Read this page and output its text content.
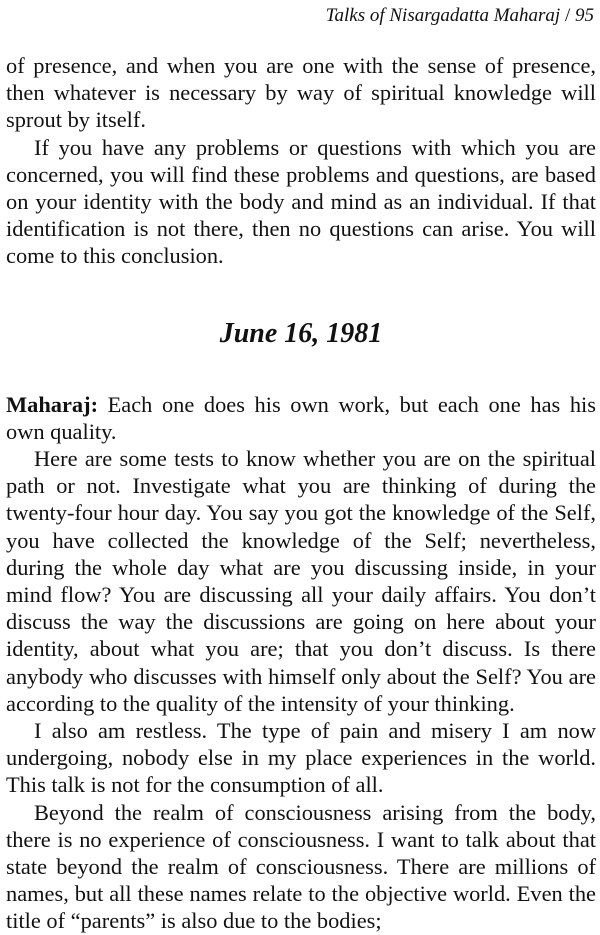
Talks of Nisargadatta Maharaj / 95

of presence, and when you are one with the sense of presence, then whatever is necessary by way of spiritual knowledge will sprout by itself.

If you have any problems or questions with which you are concerned, you will find these problems and questions, are based on your identity with the body and mind as an individual. If that identification is not there, then no questions can arise. You will come to this conclusion.

June 16, 1981

Maharaj: Each one does his own work, but each one has his own quality.

Here are some tests to know whether you are on the spiritual path or not. Investigate what you are thinking of during the twenty-four hour day. You say you got the knowledge of the Self, you have collected the knowledge of the Self; nevertheless, during the whole day what are you discussing inside, in your mind flow? You are discussing all your daily affairs. You don’t discuss the way the discussions are going on here about your identity, about what you are; that you don’t discuss. Is there anybody who discusses with himself only about the Self? You are according to the quality of the intensity of your thinking.

I also am restless. The type of pain and misery I am now undergoing, nobody else in my place experiences in the world. This talk is not for the consumption of all.

Beyond the realm of consciousness arising from the body, there is no experience of consciousness. I want to talk about that state beyond the realm of consciousness. There are millions of names, but all these names relate to the objective world. Even the title of “parents” is also due to the bodies;
